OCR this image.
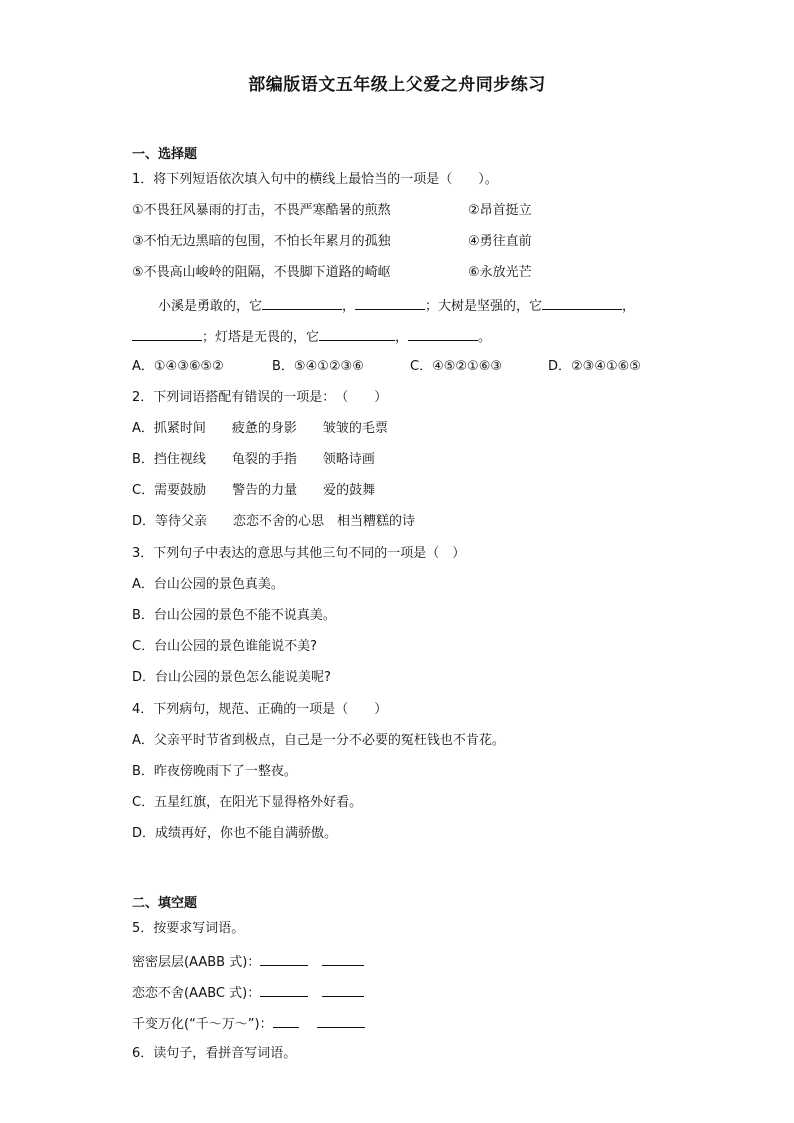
部编版语文五年级上父爱之舟同步练习
一、选择题
1．将下列短语依次填入句中的横线上最恰当的一项是（　　）。
①不畏狂风暴雨的打击，不畏严寒酷暑的煎熬	②昂首挺立
③不怕无边黑暗的包围，不怕长年累月的孤独	④勇往直前
⑤不畏高山峻岭的阻隔，不畏脚下道路的崎岖	⑥永放光芒
小溪是勇敢的，它	，	；大树是坚强的，它	，
；灯塔是无畏的，它	，	。
A．①④③⑥⑤②	B．⑤④①②③⑥	C．④⑤②①⑥③	D．②③④①⑥⑤
2．下列词语搭配有错误的一项是：　（　　）
A．抓紧时间　　疲惫的身影　　皱皱的毛票
B．挡住视线　　龟裂的手指　　领略诗画
C．需要鼓励　　警告的力量　　爱的鼓舞
D．等待父亲　　恋恋不舍的心思　相当糟糕的诗
3．下列句子中表达的意思与其他三句不同的一项是（　）
A．台山公园的景色真美。
B．台山公园的景色不能不说真美。
C．台山公园的景色谁能说不美?
D．台山公园的景色怎么能说美呢?
4．下列病句，规范、正确的一项是（　　）
A．父亲平时节省到极点，自己是一分不必要的冤枉钱也不肯花。
B．昨夜傍晚雨下了一整夜。
C．五星红旗，在阳光下显得格外好看。
D．成绩再好，你也不能自满骄傲。
二、填空题
5．按要求写词语。
密密层层(AABB 式)：
恋恋不舍(AABC 式)：
千变万化(“千～万～”)：
6．读句子，看拼音写词语。
